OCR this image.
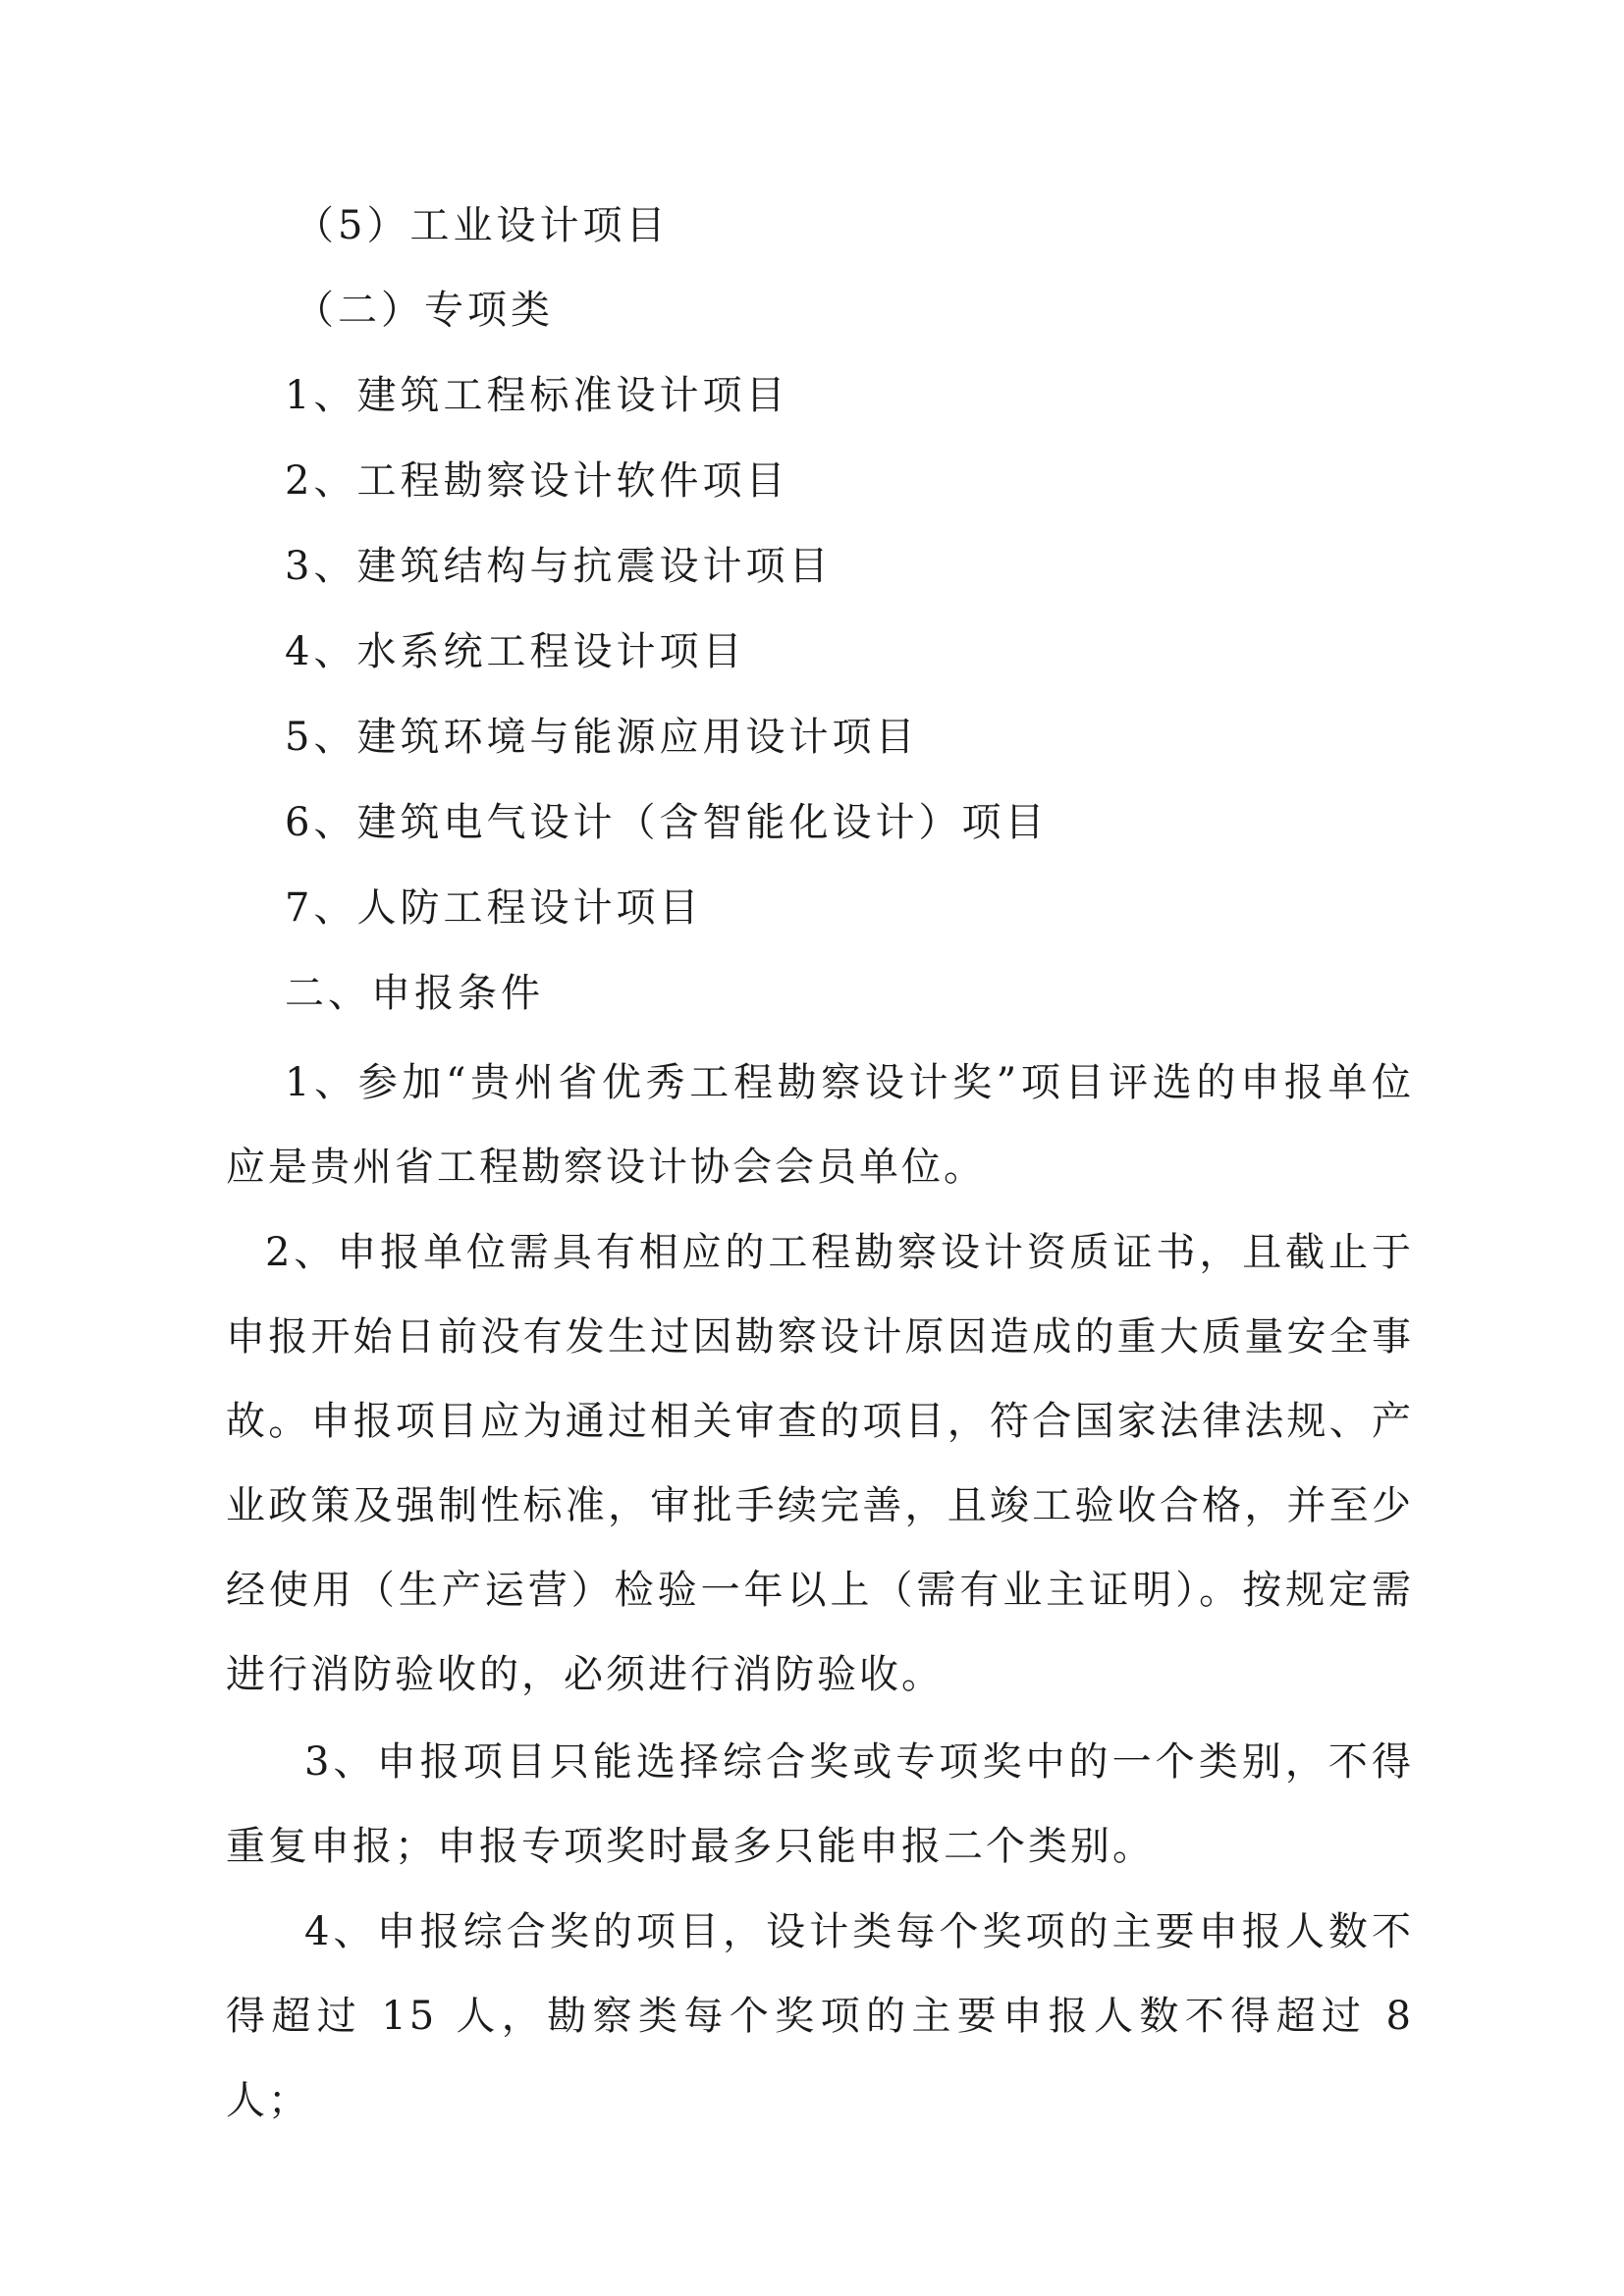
（5）工业设计项目
（二）专项类
1、建筑工程标准设计项目
2、工程勘察设计软件项目
3、建筑结构与抗震设计项目
4、水系统工程设计项目
5、建筑环境与能源应用设计项目
6、建筑电气设计（含智能化设计）项目
7、人防工程设计项目
二、申报条件
1、参加“贵州省优秀工程勘察设计奖”项目评选的申报单位应是贵州省工程勘察设计协会会员单位。
2、申报单位需具有相应的工程勘察设计资质证书，且截止于申报开始日前没有发生过因勘察设计原因造成的重大质量安全事故。申报项目应为通过相关审查的项目，符合国家法律法规、产业政策及强制性标准，审批手续完善，且竣工验收合格，并至少经使用（生产运营）检验一年以上（需有业主证明）。按规定需进行消防验收的，必须进行消防验收。
3、申报项目只能选择综合奖或专项奖中的一个类别，不得重复申报；申报专项奖时最多只能申报二个类别。
4、申报综合奖的项目，设计类每个奖项的主要申报人数不得超过 15 人，勘察类每个奖项的主要申报人数不得超过 8 人；
